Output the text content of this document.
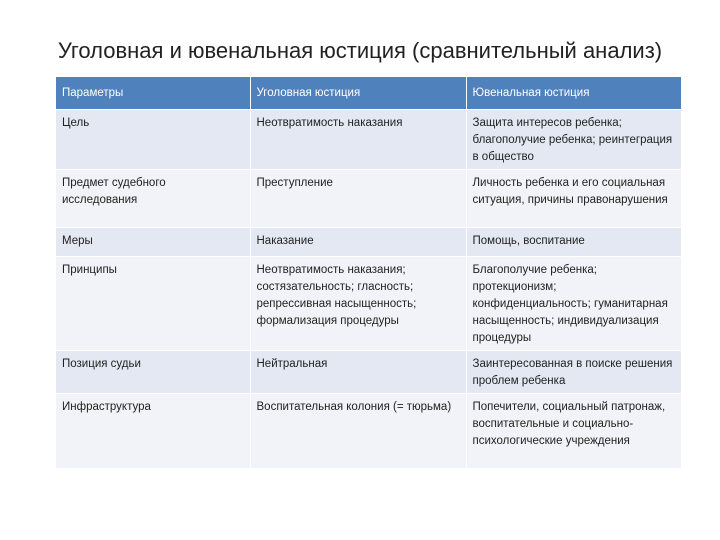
Уголовная и ювенальная юстиция (сравнительный анализ)
Параметры	Уголовная юстиция	Ювенальная юстиция
Цель	Неотвратимость наказания	Защита интересов ребенка; благополучие ребенка; реинтеграция в общество
Предмет судебного исследования	Преступление	Личность ребенка и его социальная ситуация, причины правонарушения
Меры	Наказание	Помощь, воспитание
Принципы	Неотвратимость наказания; состязательность; гласность; репрессивная насыщенность; формализация процедуры	Благополучие ребенка; протекционизм; конфиденциальность; гуманитарная насыщенность; индивидуализация процедуры
Позиция судьи	Нейтральная	Заинтересованная в поиске решения проблем ребенка
Инфраструктура	Воспитательная колония (= тюрьма)	Попечители, социальный патронаж, воспитательные и социально-психологические учреждения
